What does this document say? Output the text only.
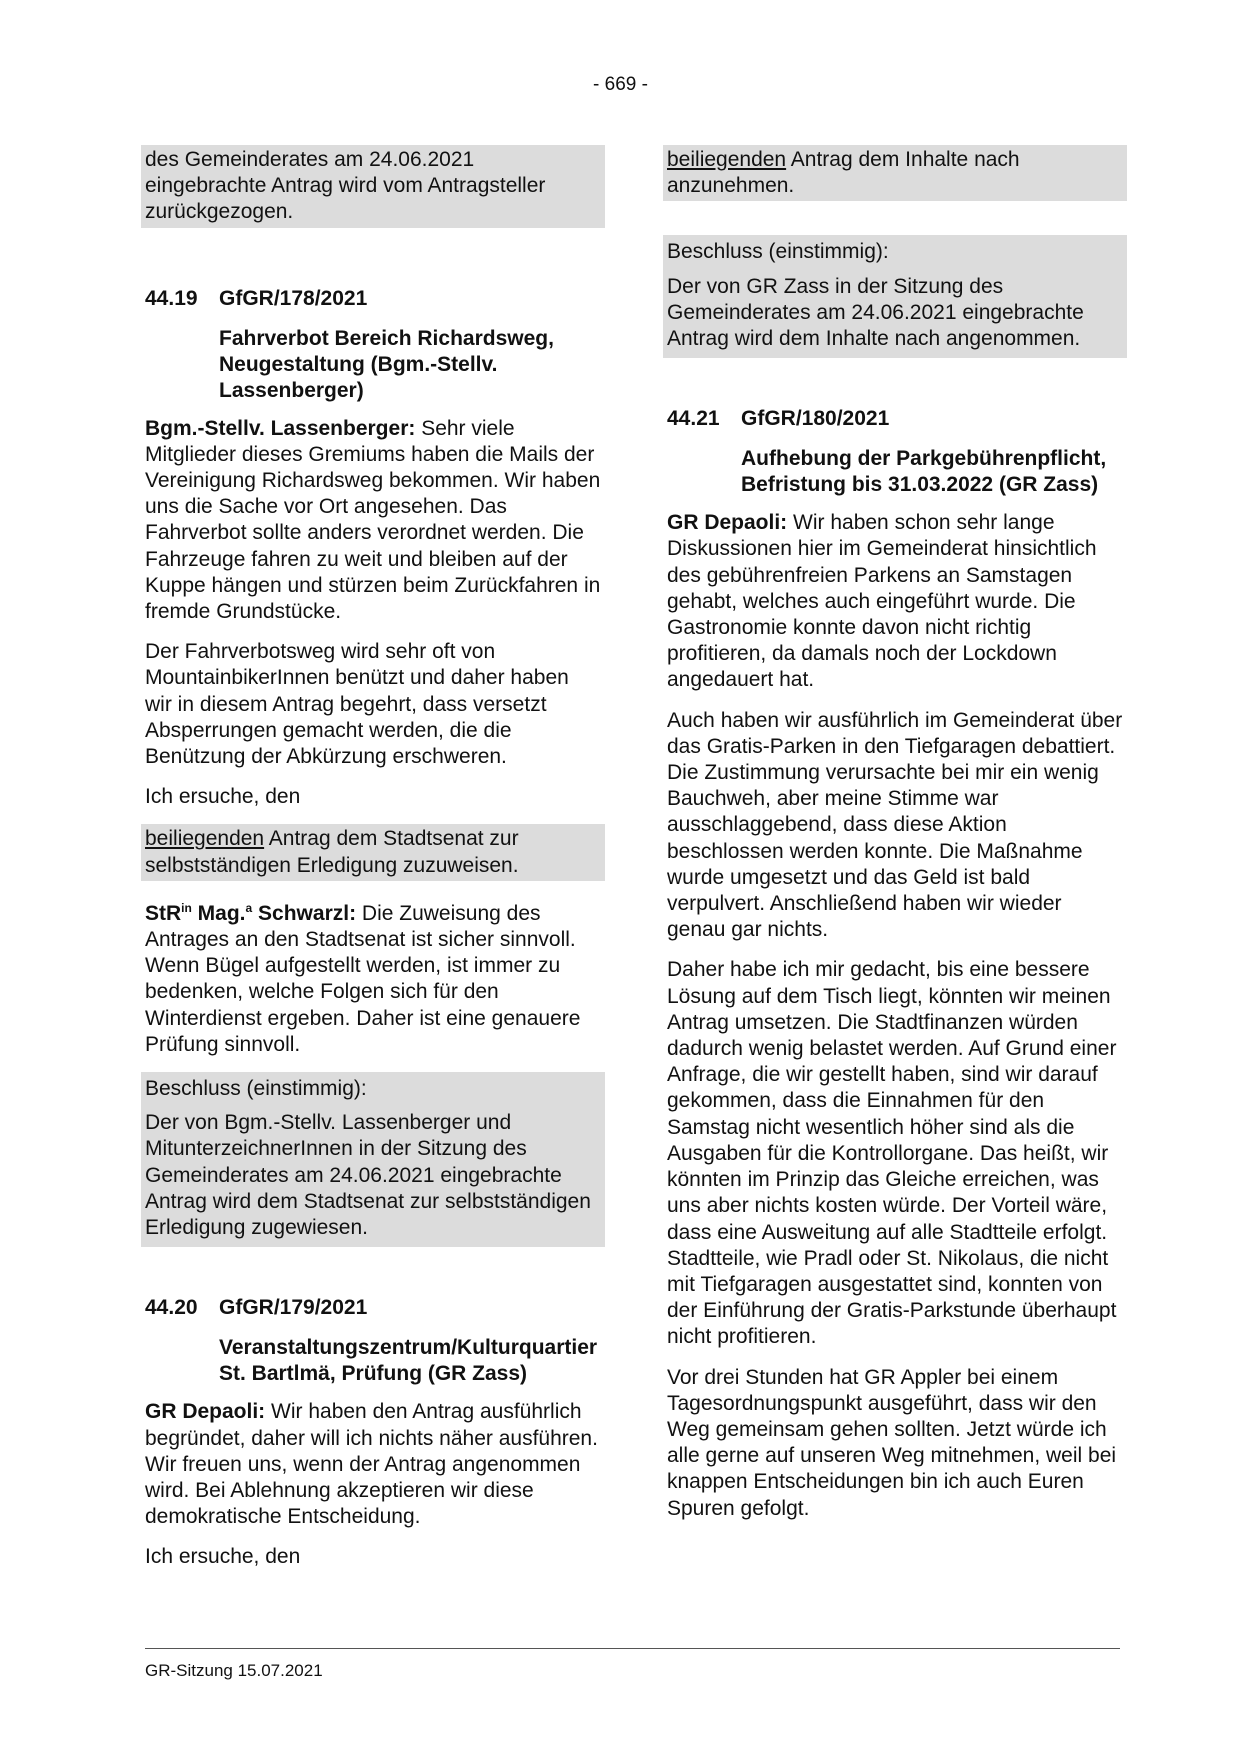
- 669 -
des Gemeinderates am 24.06.2021 eingebrachte Antrag wird vom Antragsteller zurückgezogen.
44.19 GfGR/178/2021
Fahrverbot Bereich Richardsweg, Neugestaltung (Bgm.-Stellv. Lassenberger)

Bgm.-Stellv. Lassenberger: Sehr viele Mitglieder dieses Gremiums haben die Mails der Vereinigung Richardsweg bekommen. Wir haben uns die Sache vor Ort angesehen. Das Fahrverbot sollte anders verordnet werden. Die Fahrzeuge fahren zu weit und bleiben auf der Kuppe hängen und stürzen beim Zurückfahren in fremde Grundstücke.

Der Fahrverbotsweg wird sehr oft von MountainbikerInnen benützt und daher haben wir in diesem Antrag begehrt, dass versetzt Absperrungen gemacht werden, die die Benützung der Abkürzung erschweren.

Ich ersuche, den

beiliegenden Antrag dem Stadtsenat zur selbstständigen Erledigung zuzuweisen.

StR$^{in}$ Mag.$^a$ Schwarzl: Die Zuweisung des Antrages an den Stadtsenat ist sicher sinnvoll. Wenn Bügel aufgestellt werden, ist immer zu bedenken, welche Folgen sich für den Winterdienst ergeben. Daher ist eine genauere Prüfung sinnvoll.

Beschluss (einstimmig):

Der von Bgm.-Stellv. Lassenberger und MitunterzeichnerInnen in der Sitzung des Gemeinderates am 24.06.2021 eingebrachte Antrag wird dem Stadtsenat zur selbstständigen Erledigung zugewiesen.

44.20 GfGR/179/2021
Veranstaltungszentrum/Kulturquartier St. Bartlmä, Prüfung (GR Zass)

GR Depaoli: Wir haben den Antrag ausführlich begründet, daher will ich nichts näher ausführen. Wir freuen uns, wenn der Antrag angenommen wird. Bei Ablehnung akzeptieren wir diese demokratische Entscheidung.

Ich ersuche, den

beiliegenden Antrag dem Inhalte nach anzunehmen.

Beschluss (einstimmig):

Der von GR Zass in der Sitzung des Gemeinderates am 24.06.2021 eingebrachte Antrag wird dem Inhalte nach angenommen.

44.21 GfGR/180/2021
Aufhebung der Parkgebührenpflicht, Befristung bis 31.03.2022 (GR Zass)

GR Depaoli: Wir haben schon sehr lange Diskussionen hier im Gemeinderat hinsichtlich des gebührenfreien Parkens an Samstagen gehabt, welches auch eingeführt wurde. Die Gastronomie konnte davon nicht richtig profitieren, da damals noch der Lockdown angedauert hat.

Auch haben wir ausführlich im Gemeinderat über das Gratis-Parken in den Tiefgaragen debattiert. Die Zustimmung verursachte bei mir ein wenig Bauchweh, aber meine Stimme war ausschlaggebend, dass diese Aktion beschlossen werden konnte. Die Maßnahme wurde umgesetzt und das Geld ist bald verpulvert. Anschließend haben wir wieder genau gar nichts.

Daher habe ich mir gedacht, bis eine bessere Lösung auf dem Tisch liegt, könnten wir meinen Antrag umsetzen. Die Stadtfinanzen würden dadurch wenig belastet werden. Auf Grund einer Anfrage, die wir gestellt haben, sind wir darauf gekommen, dass die Einnahmen für den Samstag nicht wesentlich höher sind als die Ausgaben für die Kontrollorgane. Das heißt, wir könnten im Prinzip das Gleiche erreichen, was uns aber nichts kosten würde. Der Vorteil wäre, dass eine Ausweitung auf alle Stadtteile erfolgt. Stadtteile, wie Pradl oder St. Nikolaus, die nicht mit Tiefgaragen ausgestattet sind, konnten von der Einführung der Gratis-Parkstunde überhaupt nicht profitieren.

Vor drei Stunden hat GR Appler bei einem Tagesordnungspunkt ausgeführt, dass wir den Weg gemeinsam gehen sollten. Jetzt würde ich alle gerne auf unseren Weg mitnehmen, weil bei knappen Entscheidungen bin ich auch Euren Spuren gefolgt.

GR-Sitzung 15.07.2021
